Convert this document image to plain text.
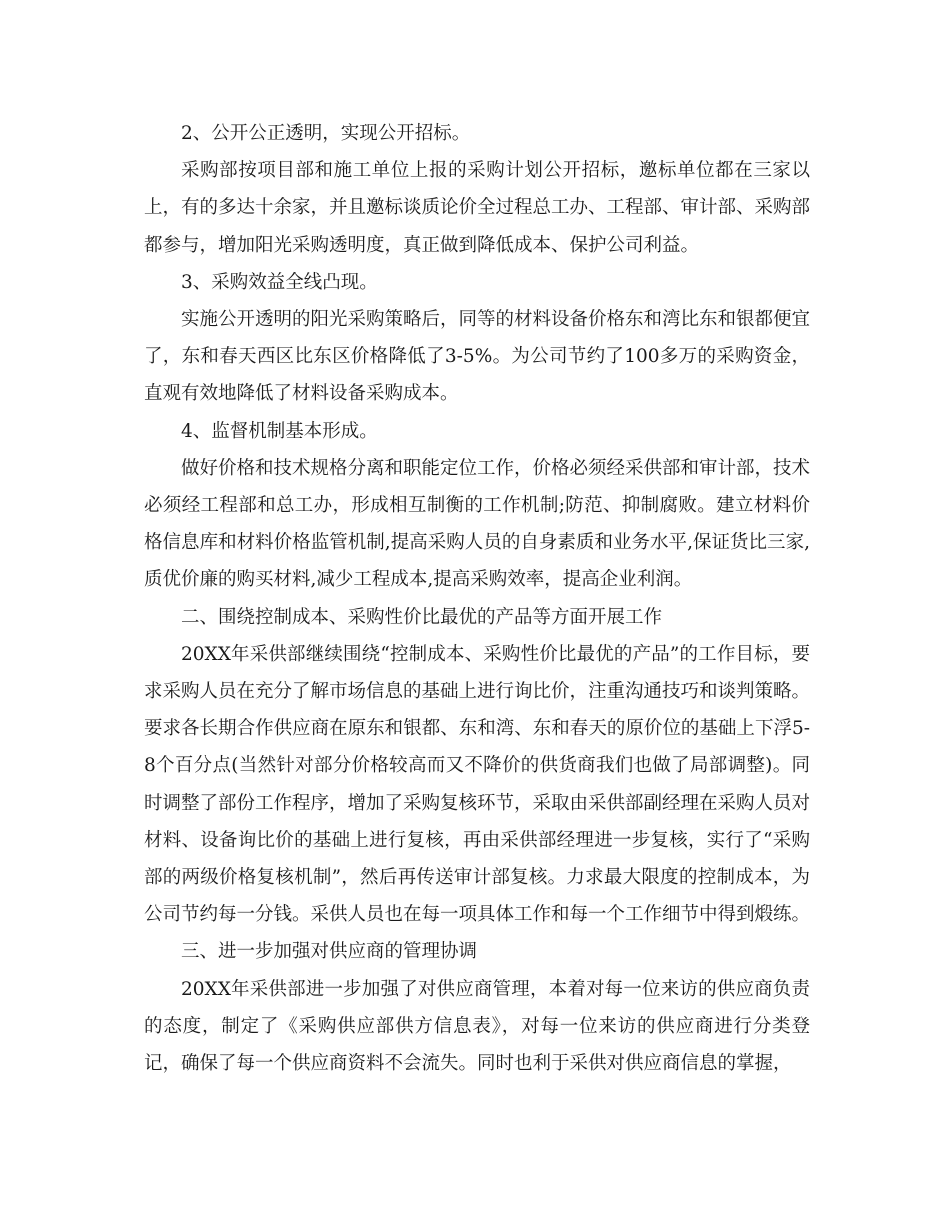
2、公开公正透明，实现公开招标。

采购部按项目部和施工单位上报的采购计划公开招标，邀标单位都在三家以上，有的多达十余家，并且邀标谈质论价全过程总工办、工程部、审计部、采购部都参与，增加阳光采购透明度，真正做到降低成本、保护公司利益。

3、采购效益全线凸现。

实施公开透明的阳光采购策略后，同等的材料设备价格东和湾比东和银都便宜了，东和春天西区比东区价格降低了3-5%。为公司节约了100多万的采购资金，直观有效地降低了材料设备采购成本。

4、监督机制基本形成。

做好价格和技术规格分离和职能定位工作，价格必须经采供部和审计部，技术必须经工程部和总工办，形成相互制衡的工作机制;防范、抑制腐败。建立材料价格信息库和材料价格监管机制,提高采购人员的自身素质和业务水平,保证货比三家,质优价廉的购买材料,减少工程成本,提高采购效率，提高企业利润。

二、围绕控制成本、采购性价比最优的产品等方面开展工作

20XX年采供部继续围绕“控制成本、采购性价比最优的产品”的工作目标，要求采购人员在充分了解市场信息的基础上进行询比价，注重沟通技巧和谈判策略。要求各长期合作供应商在原东和银都、东和湾、东和春天的原价位的基础上下浮5-8个百分点(当然针对部分价格较高而又不降价的供货商我们也做了局部调整)。同时调整了部份工作程序，增加了采购复核环节，采取由采供部副经理在采购人员对材料、设备询比价的基础上进行复核，再由采供部经理进一步复核，实行了“采购部的两级价格复核机制”，然后再传送审计部复核。力求最大限度的控制成本，为公司节约每一分钱。采供人员也在每一项具体工作和每一个工作细节中得到煅练。

三、进一步加强对供应商的管理协调

20XX年采供部进一步加强了对供应商管理，本着对每一位来访的供应商负责的态度，制定了《采购供应部供方信息表》，对每一位来访的供应商进行分类登记，确保了每一个供应商资料不会流失。同时也利于采供对供应商信息的掌握，
